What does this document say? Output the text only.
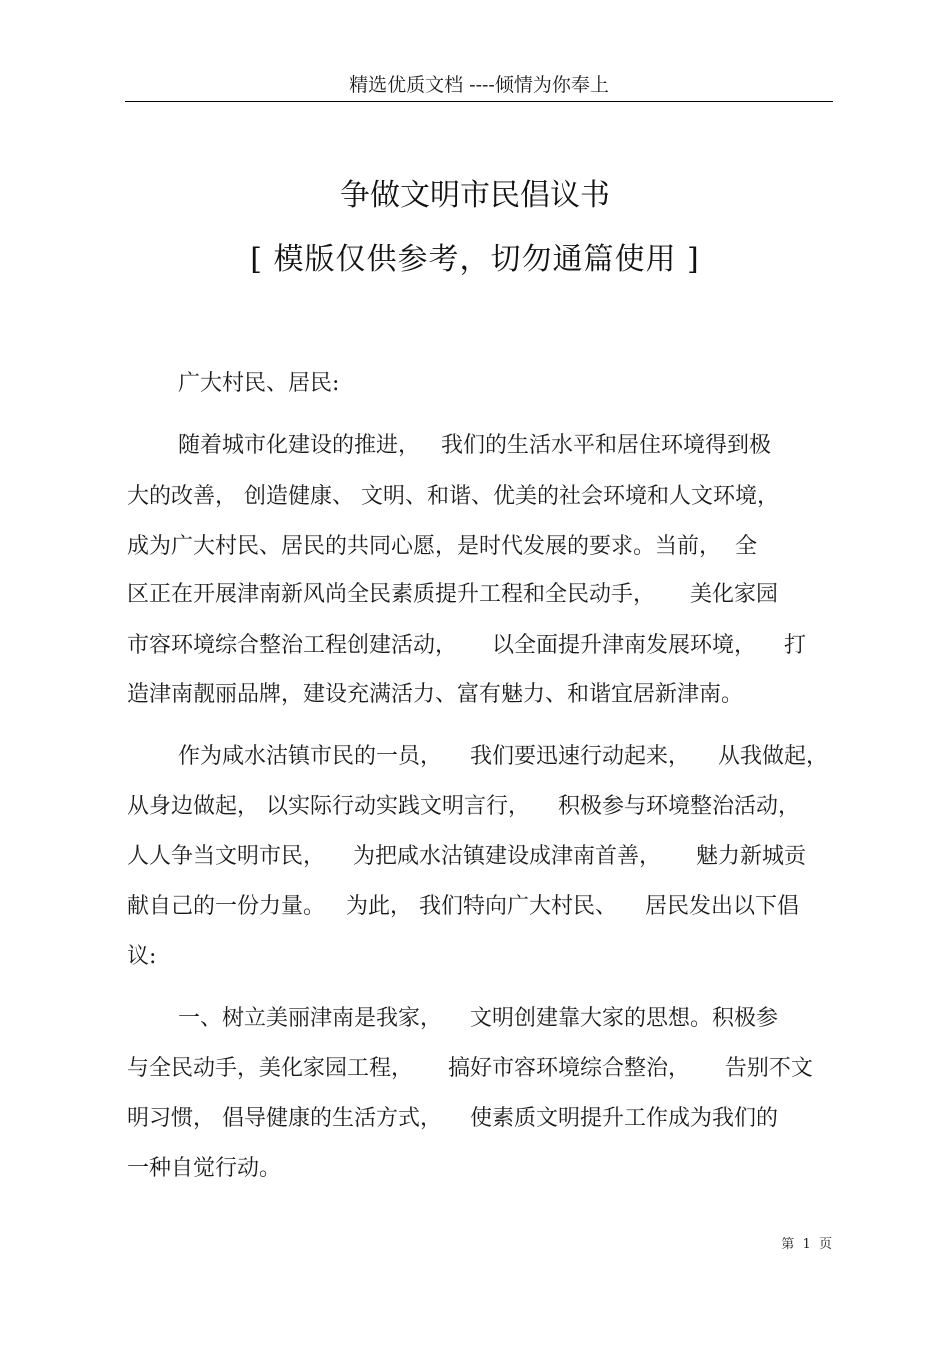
精选优质文档 ----倾情为你奉上
争做文明市民倡议书
[ 模版仅供参考，切勿通篇使用 ]
广大村民、居民:
随着城市化建设的推进，   我们的生活水平和居住环境得到极
大的改善， 创造健康、 文明、和谐、优美的社会环境和人文环境，
成为广大村民、居民的共同心愿，是时代发展的要求。当前，  全
区正在开展津南新风尚全民素质提升工程和全民动手，     美化家园
市容环境综合整治工程创建活动，     以全面提升津南发展环境，    打
造津南靓丽品牌，建设充满活力、富有魅力、和谐宜居新津南。
作为咸水沽镇市民的一员，    我们要迅速行动起来，    从我做起，
从身边做起， 以实际行动实践文明言行，    积极参与环境整治活动，
人人争当文明市民，    为把咸水沽镇建设成津南首善，     魅力新城贡
献自己的一份力量。   为此， 我们特向广大村民、    居民发出以下倡
议:
一、树立美丽津南是我家，    文明创建靠大家的思想。积极参
与全民动手，美化家园工程，     搞好市容环境综合整治，     告别不文
明习惯， 倡导健康的生活方式，    使素质文明提升工作成为我们的
一种自觉行动。
第  1  页
